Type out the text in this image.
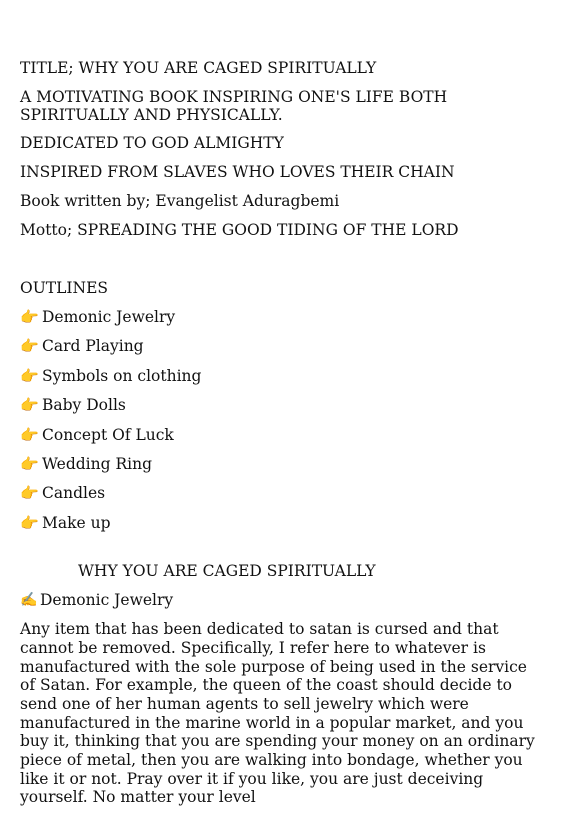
TITLE; WHY YOU ARE CAGED SPIRITUALLY

A MOTIVATING BOOK INSPIRING ONE'S LIFE BOTH SPIRITUALLY AND PHYSICALLY.

DEDICATED TO GOD ALMIGHTY

INSPIRED FROM SLAVES WHO LOVES THEIR CHAIN

Book written by; Evangelist Aduragbemi

Motto; SPREADING THE GOOD TIDING OF THE LORD

OUTLINES

👉 Demonic Jewelry
👉 Card Playing
👉 Symbols on clothing
👉 Baby Dolls
👉 Concept Of Luck
👉 Wedding Ring
👉 Candles
👉 Make up

WHY YOU ARE CAGED SPIRITUALLY

✍ Demonic Jewelry

Any item that has been dedicated to satan is cursed and that cannot be removed. Specifically, I refer here to whatever is manufactured with the sole purpose of being used in the service of Satan. For example, the queen of the coast should decide to send one of her human agents to sell jewelry which were manufactured in the marine world in a popular market, and you buy it, thinking that you are spending your money on an ordinary piece of metal, then you are walking into bondage, whether you like it or not. Pray over it if you like, you are just deceiving yourself. No matter your level
